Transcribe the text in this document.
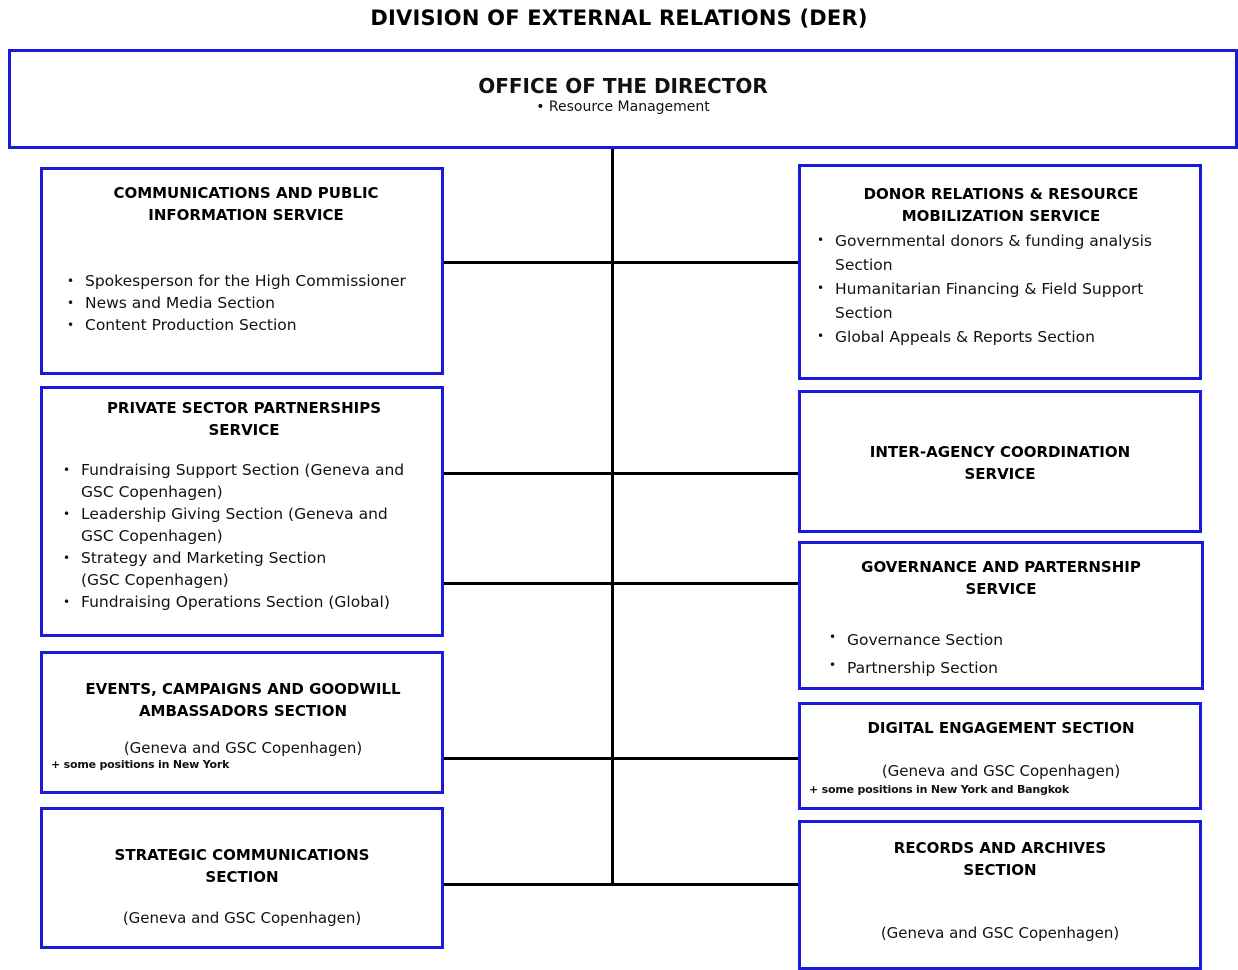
DIVISION OF EXTERNAL RELATIONS (DER)
OFFICE OF THE DIRECTOR
• Resource Management
COMMUNICATIONS AND PUBLIC INFORMATION SERVICE
• Spokesperson for the High Commissioner
• News and Media Section
• Content Production Section
PRIVATE SECTOR PARTNERSHIPS SERVICE
• Fundraising Support Section (Geneva and GSC Copenhagen)
• Leadership Giving Section (Geneva and GSC Copenhagen)
• Strategy and Marketing Section (GSC Copenhagen)
• Fundraising Operations Section (Global)
EVENTS, CAMPAIGNS AND GOODWILL AMBASSADORS SECTION
(Geneva and GSC Copenhagen)
+ some positions in New York
STRATEGIC COMMUNICATIONS SECTION
(Geneva and GSC Copenhagen)
DONOR RELATIONS & RESOURCE MOBILIZATION SERVICE
• Governmental donors & funding analysis Section
• Humanitarian Financing & Field Support Section
• Global Appeals & Reports Section
INTER-AGENCY COORDINATION SERVICE
GOVERNANCE AND PARTERNSHIP SERVICE
• Governance Section
• Partnership Section
DIGITAL ENGAGEMENT SECTION
(Geneva and GSC Copenhagen)
+ some positions in New York and Bangkok
RECORDS AND ARCHIVES SECTION
(Geneva and GSC Copenhagen)
